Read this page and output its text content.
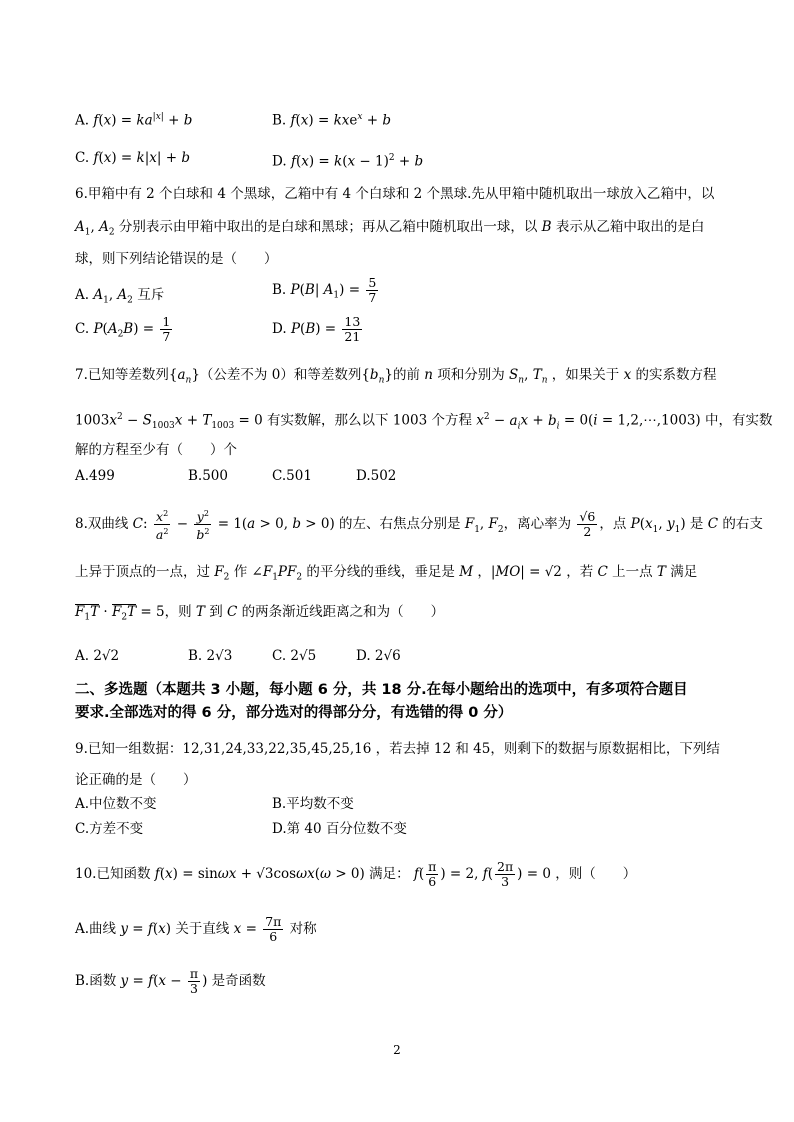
A. $f(x) = ka^{|x|} + b$	B. f(x) = kxe$^x$ + b
C. f(x) = k|x| + b	D. $f(x) = k(x - 1)^2 + b$
6.甲箱中有 2 个白球和 4 个黑球，乙箱中有 4 个白球和 2 个黑球.先从甲箱中随机取出一球放入乙箱中，以
$A_1$, $A_2$ 分别表示由甲箱中取出的是白球和黑球；再从乙箱中随机取出一球，以 B 表示从乙箱中取出的是白
球，则下列结论错误的是（　　）
A. $A_1$, $A_2$ 互斥	B. P(B| $A_1) = \frac{5}{7}$
C. $P(A_2B) = \frac{1}{7}$	D. $P(B) = \frac{13}{21}$
7.已知等差数列$\{a_n\}$（公差不为 0）和等差数列$\{b_n\}$的前 n 项和分别为 $S_n$, $T_n$ ，如果关于 x 的实系数方程
$1003x^2 - S_{1003}x + T_{1003} = 0$ 有实数解，那么以下 1003 个方程 $x^2 - a_ix + b_i = 0(i$ = 1,2,⋯,1003) 中，有实数
解的方程至少有（　　）个
A.499	B.500	C.501	D.502
8.双曲线 C: $\frac{x^2}{a^2} - \frac{y^2}{b^2} = 1(a > 0$, b > 0) 的左、右焦点分别是 $F_1$, $F_2$，离心率为 $\frac{√6}{2}$ ，点 $P(x_1$, $y_1$) 是 C 的右支
上异于顶点的一点，过 $F_2$ 作 $\angle F_1PF_2$ 的平分线的垂线，垂足是 M ，|MO| = √2 ，若 C 上一点 T 满足
$F_1T \cdot F_2T = 5$，则 T 到 C 的两条渐近线距离之和为（　　）
A. 2√2	B. 2√3	C. 2√5	D. 2√6
二、多选题（本题共 3 小题，每小题 6 分，共 18 分.在每小题给出的选项中，有多项符合题目
要求.全部选对的得 6 分，部分选对的得部分分，有选错的得 0 分）
9.已知一组数据：12,31,24,33,22,35,45,25,16 ，若去掉 12 和 45，则剩下的数据与原数据相比，下列结
论正确的是（　　）
A.中位数不变	B.平均数不变
C.方差不变	D.第 40 百分位数不变
10.已知函数 f(x) = sinωx + √3cosωx(ω > 0) 满足： $f( \frac{\pi}{6}$ ) = 2, $f( \frac{2\pi}{3}$ ) = 0 ，则（　　）
A.曲线 y = f(x) 关于直线 $x = \frac{7\pi}{6}$ 对称
B.函数 $y = f(x - \frac{\pi}{3}$ ) 是奇函数
2
